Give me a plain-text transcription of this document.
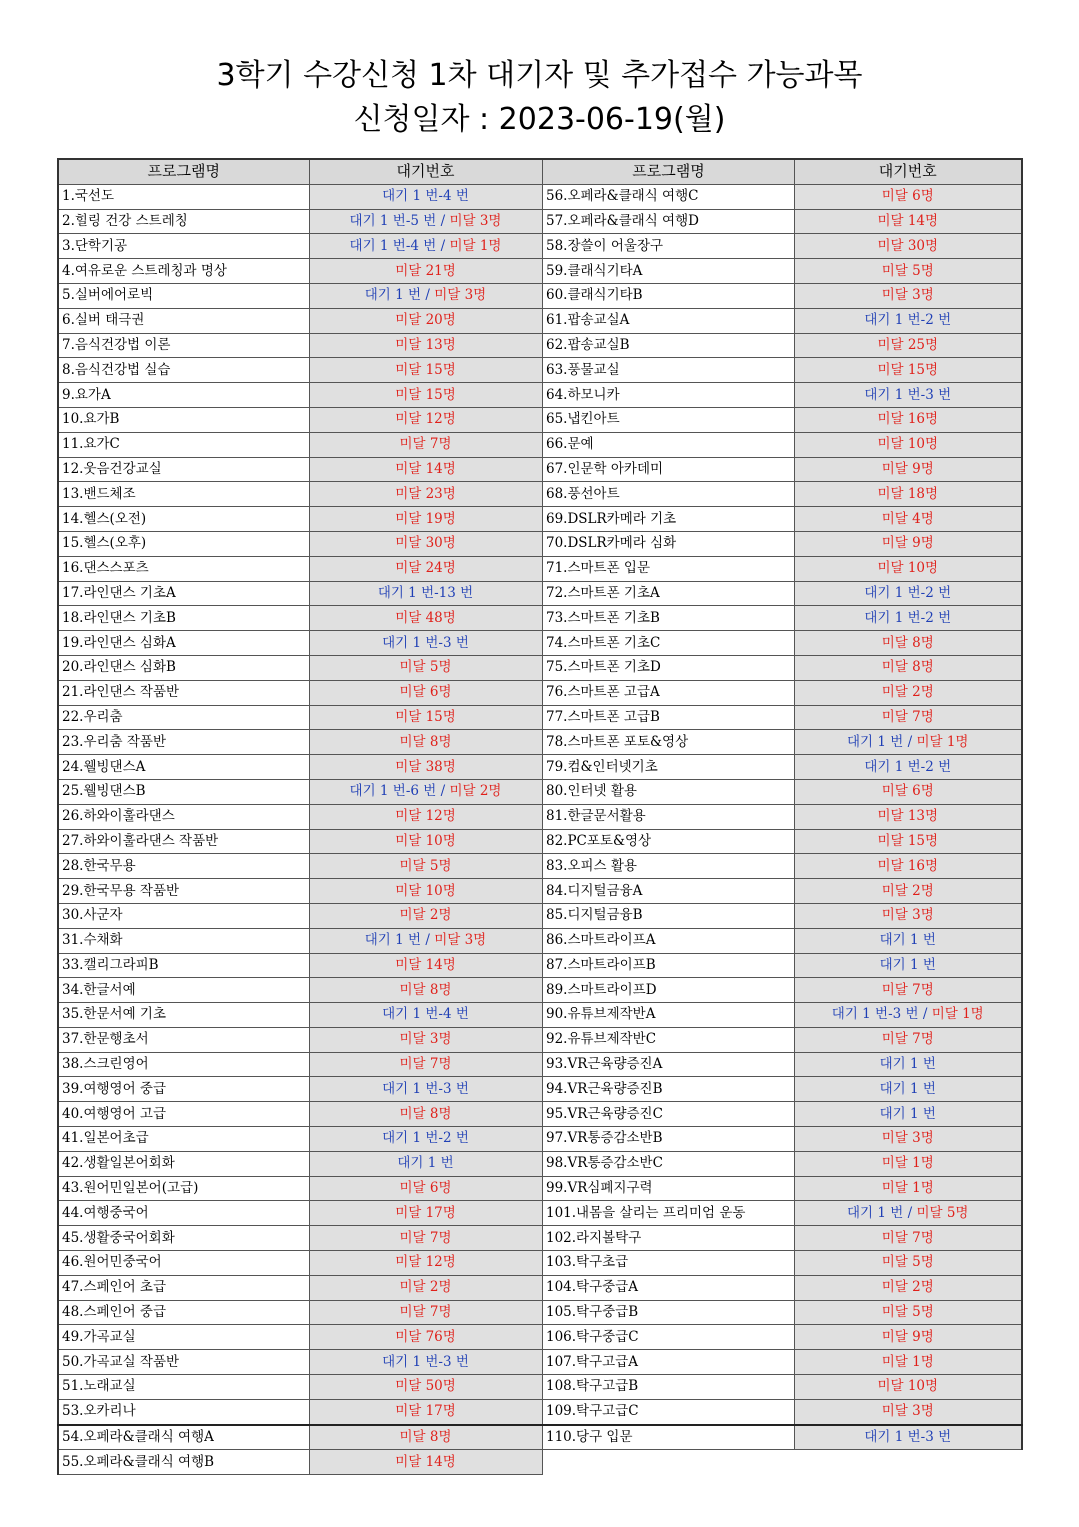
3학기 수강신청 1차 대기자 및 추가접수 가능과목
신청일자 : 2023-06-19(월)
프로그램명	대기번호
1.국선도	대기 1 번-4 번
2.힐링 건강 스트레칭	대기 1 번-5 번 / 미달 3명
3.단학기공	대기 1 번-4 번 / 미달 1명
4.여유로운 스트레칭과 명상	미달 21명
5.실버에어로빅	대기 1 번 / 미달 3명
6.실버 태극권	미달 20명
7.음식건강법 이론	미달 13명
8.음식건강법 실습	미달 15명
9.요가A	미달 15명
10.요가B	미달 12명
11.요가C	미달 7명
12.웃음건강교실	미달 14명
13.밴드체조	미달 23명
14.헬스(오전)	미달 19명
15.헬스(오후)	미달 30명
16.댄스스포츠	미달 24명
17.라인댄스 기초A	대기 1 번-13 번
18.라인댄스 기초B	미달 48명
19.라인댄스 심화A	대기 1 번-3 번
20.라인댄스 심화B	미달 5명
21.라인댄스 작품반	미달 6명
22.우리춤	미달 15명
23.우리춤 작품반	미달 8명
24.웰빙댄스A	미달 38명
25.웰빙댄스B	대기 1 번-6 번 / 미달 2명
26.하와이훌라댄스	미달 12명
27.하와이훌라댄스 작품반	미달 10명
28.한국무용	미달 5명
29.한국무용 작품반	미달 10명
30.사군자	미달 2명
31.수채화	대기 1 번 / 미달 3명
33.캘리그라피B	미달 14명
34.한글서예	미달 8명
35.한문서예 기초	대기 1 번-4 번
37.한문행초서	미달 3명
38.스크린영어	미달 7명
39.여행영어 중급	대기 1 번-3 번
40.여행영어 고급	미달 8명
41.일본어초급	대기 1 번-2 번
42.생활일본어회화	대기 1 번
43.원어민일본어(고급)	미달 6명
44.여행중국어	미달 17명
45.생활중국어회화	미달 7명
46.원어민중국어	미달 12명
47.스페인어 초급	미달 2명
48.스페인어 중급	미달 7명
49.가곡교실	미달 76명
50.가곡교실 작품반	대기 1 번-3 번
51.노래교실	미달 50명
53.오카리나	미달 17명
54.오페라&클래식 여행A	미달 8명
55.오페라&클래식 여행B	미달 14명
프로그램명	대기번호
56.오페라&클래식 여행C	미달 6명
57.오페라&클래식 여행D	미달 14명
58.장쓸이 어울장구	미달 30명
59.클래식기타A	미달 5명
60.클래식기타B	미달 3명
61.팝송교실A	대기 1 번-2 번
62.팝송교실B	미달 25명
63.풍물교실	미달 15명
64.하모니카	대기 1 번-3 번
65.냅킨아트	미달 16명
66.문예	미달 10명
67.인문학 아카데미	미달 9명
68.풍선아트	미달 18명
69.DSLR카메라 기초	미달 4명
70.DSLR카메라 심화	미달 9명
71.스마트폰 입문	미달 10명
72.스마트폰 기초A	대기 1 번-2 번
73.스마트폰 기초B	대기 1 번-2 번
74.스마트폰 기초C	미달 8명
75.스마트폰 기초D	미달 8명
76.스마트폰 고급A	미달 2명
77.스마트폰 고급B	미달 7명
78.스마트폰 포토&영상	대기 1 번 / 미달 1명
79.컴&인터넷기초	대기 1 번-2 번
80.인터넷 활용	미달 6명
81.한글문서활용	미달 13명
82.PC포토&영상	미달 15명
83.오피스 활용	미달 16명
84.디지털금융A	미달 2명
85.디지털금융B	미달 3명
86.스마트라이프A	대기 1 번
87.스마트라이프B	대기 1 번
89.스마트라이프D	미달 7명
90.유튜브제작반A	대기 1 번-3 번 / 미달 1명
92.유튜브제작반C	미달 7명
93.VR근육량증진A	대기 1 번
94.VR근육량증진B	대기 1 번
95.VR근육량증진C	대기 1 번
97.VR통증감소반B	미달 3명
98.VR통증감소반C	미달 1명
99.VR심폐지구력	미달 1명
101.내몸을 살리는 프리미엄 운동	대기 1 번 / 미달 5명
102.라지볼탁구	미달 7명
103.탁구초급	미달 5명
104.탁구중급A	미달 2명
105.탁구중급B	미달 5명
106.탁구중급C	미달 9명
107.탁구고급A	미달 1명
108.탁구고급B	미달 10명
109.탁구고급C	미달 3명
110.당구 입문	대기 1 번-3 번
